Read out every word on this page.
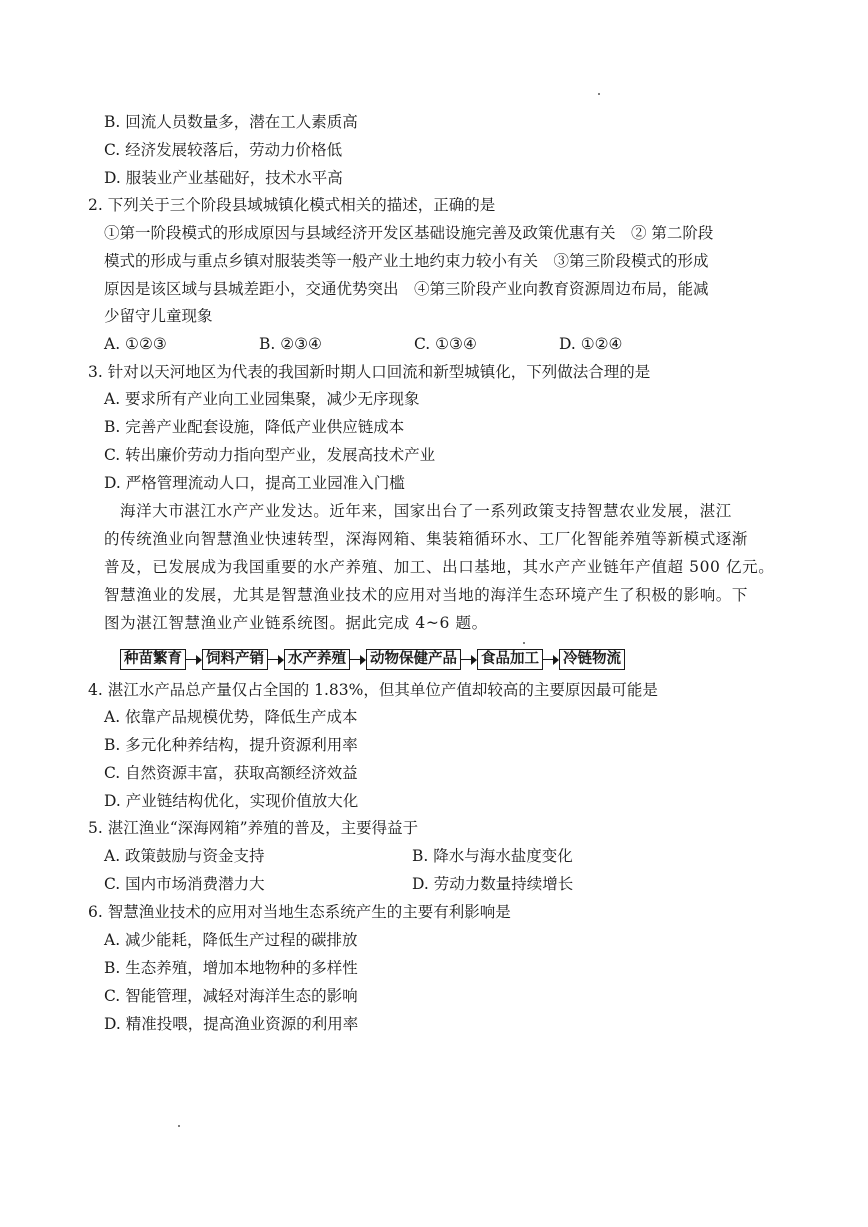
B. 回流人员数量多，潜在工人素质高
C. 经济发展较落后，劳动力价格低
D. 服装业产业基础好，技术水平高
2. 下列关于三个阶段县域城镇化模式相关的描述，正确的是
①第一阶段模式的形成原因与县域经济开发区基础设施完善及政策优惠有关　② 第二阶段
模式的形成与重点乡镇对服装类等一般产业土地约束力较小有关　③第三阶段模式的形成
原因是该区域与县城差距小，交通优势突出　④第三阶段产业向教育资源周边布局，能减
少留守儿童现象
A. ①②③	B. ②③④	C. ①③④	D. ①②④
3. 针对以天河地区为代表的我国新时期人口回流和新型城镇化，下列做法合理的是
A. 要求所有产业向工业园集聚，减少无序现象
B. 完善产业配套设施，降低产业供应链成本
C. 转出廉价劳动力指向型产业，发展高技术产业
D. 严格管理流动人口，提高工业园准入门槛
海洋大市湛江水产产业发达。近年来，国家出台了一系列政策支持智慧农业发展，湛江
的传统渔业向智慧渔业快速转型，深海网箱、集装箱循环水、工厂化智能养殖等新模式逐渐
普及，已发展成为我国重要的水产养殖、加工、出口基地，其水产产业链年产值超 500 亿元。
智慧渔业的发展，尤其是智慧渔业技术的应用对当地的海洋生态环境产生了积极的影响。下
图为湛江智慧渔业产业链系统图。据此完成 4~6 题。
种苗繁育 饲料产销 水产养殖 动物保健产品 食品加工 冷链物流
4. 湛江水产品总产量仅占全国的 1.83%，但其单位产值却较高的主要原因最可能是
A. 依靠产品规模优势，降低生产成本
B. 多元化种养结构，提升资源利用率
C. 自然资源丰富，获取高额经济效益
D. 产业链结构优化，实现价值放大化
5. 湛江渔业“深海网箱”养殖的普及，主要得益于
A. 政策鼓励与资金支持	B. 降水与海水盐度变化
C. 国内市场消费潜力大	D. 劳动力数量持续增长
6. 智慧渔业技术的应用对当地生态系统产生的主要有利影响是
A. 减少能耗，降低生产过程的碳排放
B. 生态养殖，增加本地物种的多样性
C. 智能管理，减轻对海洋生态的影响
D. 精准投喂，提高渔业资源的利用率
